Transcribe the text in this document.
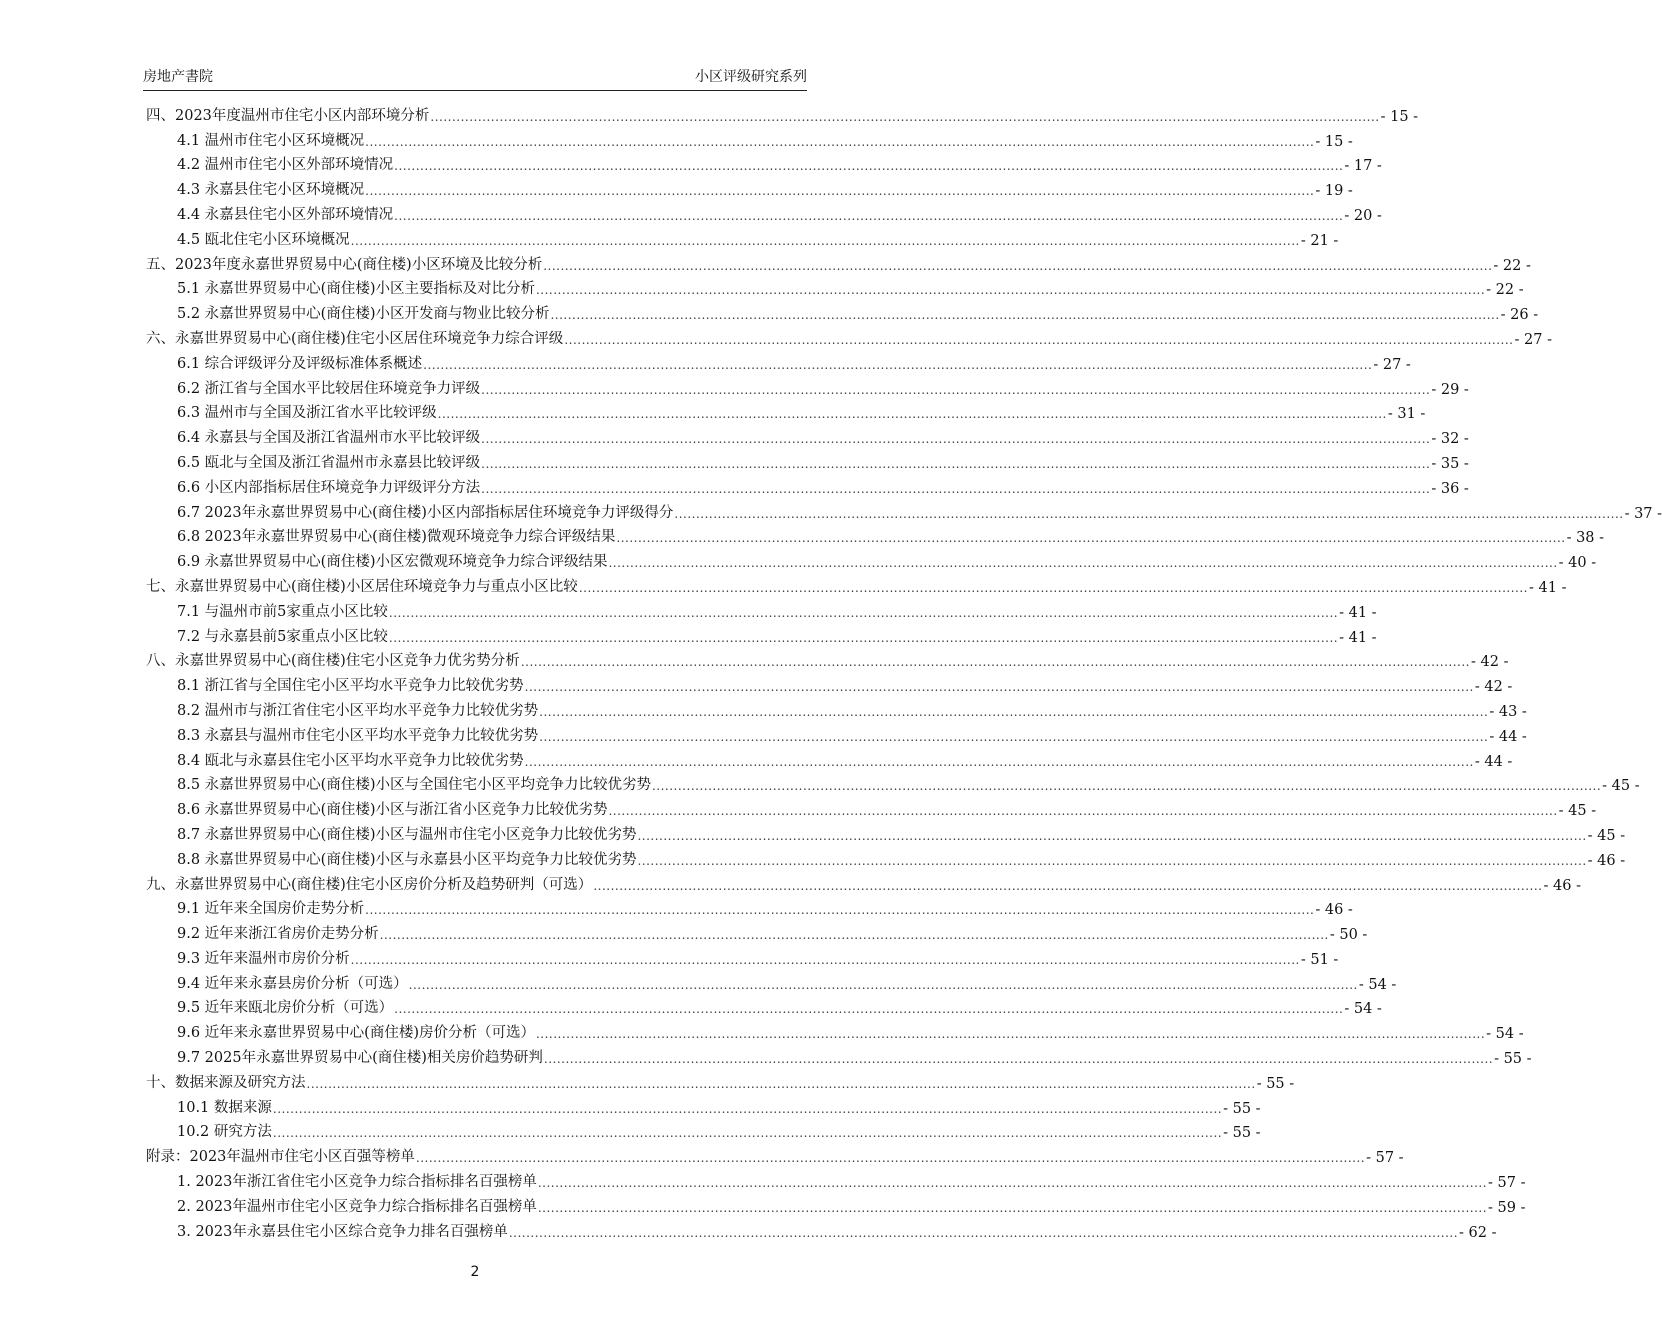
房地产書院	小区评级研究系列
四、2023年度温州市住宅小区内部环境分析 ............................................................................................................................................................................................................................ - 15 -
4.1 温州市住宅小区环境概况 ............................................................................................................................................................................................................................ - 15 -
4.2 温州市住宅小区外部环境情况 ............................................................................................................................................................................................................................ - 17 -
4.3 永嘉县住宅小区环境概况 ............................................................................................................................................................................................................................ - 19 -
4.4 永嘉县住宅小区外部环境情况 ............................................................................................................................................................................................................................ - 20 -
4.5 瓯北住宅小区环境概况 ............................................................................................................................................................................................................................ - 21 -
五、2023年度永嘉世界贸易中心(商住楼)小区环境及比较分析 ............................................................................................................................................................................................................................ - 22 -
5.1 永嘉世界贸易中心(商住楼)小区主要指标及对比分析 ............................................................................................................................................................................................................................ - 22 -
5.2 永嘉世界贸易中心(商住楼)小区开发商与物业比较分析 ............................................................................................................................................................................................................................ - 26 -
六、永嘉世界贸易中心(商住楼)住宅小区居住环境竞争力综合评级 ............................................................................................................................................................................................................................ - 27 -
6.1 综合评级评分及评级标准体系概述 ............................................................................................................................................................................................................................ - 27 -
6.2 浙江省与全国水平比较居住环境竞争力评级 ............................................................................................................................................................................................................................ - 29 -
6.3 温州市与全国及浙江省水平比较评级 ............................................................................................................................................................................................................................ - 31 -
6.4 永嘉县与全国及浙江省温州市水平比较评级 ............................................................................................................................................................................................................................ - 32 -
6.5 瓯北与全国及浙江省温州市永嘉县比较评级 ............................................................................................................................................................................................................................ - 35 -
6.6 小区内部指标居住环境竞争力评级评分方法 ............................................................................................................................................................................................................................ - 36 -
6.7 2023年永嘉世界贸易中心(商住楼)小区内部指标居住环境竞争力评级得分 ............................................................................................................................................................................................................................ - 37 -
6.8 2023年永嘉世界贸易中心(商住楼)微观环境竞争力综合评级结果 ............................................................................................................................................................................................................................ - 38 -
6.9 永嘉世界贸易中心(商住楼)小区宏微观环境竞争力综合评级结果 ............................................................................................................................................................................................................................ - 40 -
七、永嘉世界贸易中心(商住楼)小区居住环境竞争力与重点小区比较 ............................................................................................................................................................................................................................ - 41 -
7.1 与温州市前5家重点小区比较 ............................................................................................................................................................................................................................ - 41 -
7.2 与永嘉县前5家重点小区比较 ............................................................................................................................................................................................................................ - 41 -
八、永嘉世界贸易中心(商住楼)住宅小区竞争力优劣势分析 ............................................................................................................................................................................................................................ - 42 -
8.1 浙江省与全国住宅小区平均水平竞争力比较优劣势 ............................................................................................................................................................................................................................ - 42 -
8.2 温州市与浙江省住宅小区平均水平竞争力比较优劣势 ............................................................................................................................................................................................................................ - 43 -
8.3 永嘉县与温州市住宅小区平均水平竞争力比较优劣势 ............................................................................................................................................................................................................................ - 44 -
8.4 瓯北与永嘉县住宅小区平均水平竞争力比较优劣势 ............................................................................................................................................................................................................................ - 44 -
8.5 永嘉世界贸易中心(商住楼)小区与全国住宅小区平均竞争力比较优劣势 ............................................................................................................................................................................................................................ - 45 -
8.6 永嘉世界贸易中心(商住楼)小区与浙江省小区竞争力比较优劣势 ............................................................................................................................................................................................................................ - 45 -
8.7 永嘉世界贸易中心(商住楼)小区与温州市住宅小区竞争力比较优劣势 ............................................................................................................................................................................................................................ - 45 -
8.8 永嘉世界贸易中心(商住楼)小区与永嘉县小区平均竞争力比较优劣势 ............................................................................................................................................................................................................................ - 46 -
九、永嘉世界贸易中心(商住楼)住宅小区房价分析及趋势研判（可选） ............................................................................................................................................................................................................................ - 46 -
9.1 近年来全国房价走势分析 ............................................................................................................................................................................................................................ - 46 -
9.2 近年来浙江省房价走势分析 ............................................................................................................................................................................................................................ - 50 -
9.3 近年来温州市房价分析 ............................................................................................................................................................................................................................ - 51 -
9.4 近年来永嘉县房价分析（可选） ............................................................................................................................................................................................................................ - 54 -
9.5 近年来瓯北房价分析（可选） ............................................................................................................................................................................................................................ - 54 -
9.6 近年来永嘉世界贸易中心(商住楼)房价分析（可选） ............................................................................................................................................................................................................................ - 54 -
9.7 2025年永嘉世界贸易中心(商住楼)相关房价趋势研判 ............................................................................................................................................................................................................................ - 55 -
十、数据来源及研究方法 ............................................................................................................................................................................................................................ - 55 -
10.1 数据来源 ............................................................................................................................................................................................................................ - 55 -
10.2 研究方法 ............................................................................................................................................................................................................................ - 55 -
附录：2023年温州市住宅小区百强等榜单 ............................................................................................................................................................................................................................ - 57 -
1. 2023年浙江省住宅小区竞争力综合指标排名百强榜单 ............................................................................................................................................................................................................................ - 57 -
2. 2023年温州市住宅小区竞争力综合指标排名百强榜单 ............................................................................................................................................................................................................................ - 59 -
3. 2023年永嘉县住宅小区综合竞争力排名百强榜单 ............................................................................................................................................................................................................................ - 62 -
2
